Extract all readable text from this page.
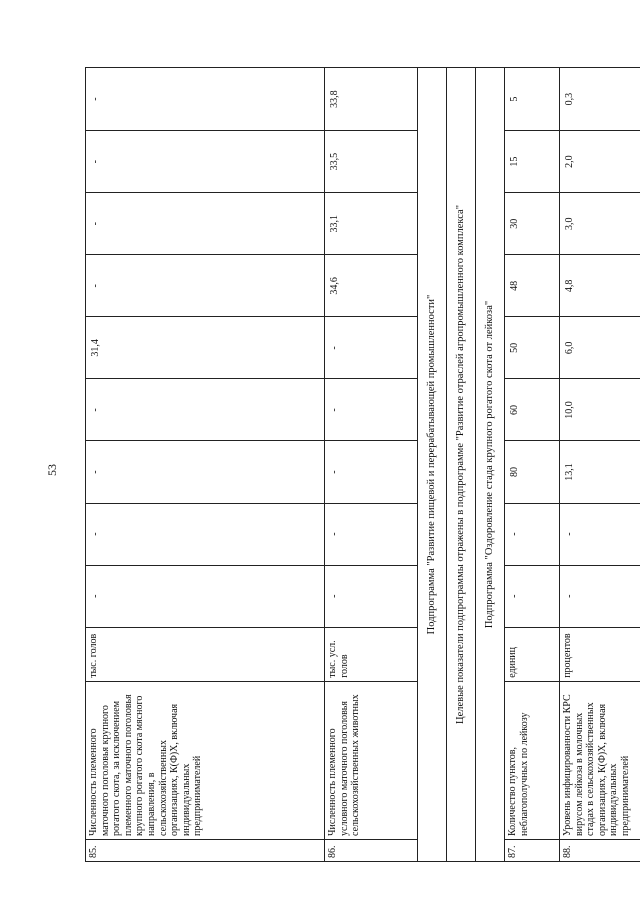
53
85.	Численность племенного маточного поголовья крупного рогатого скота, за исключением племенного маточного поголовья крупного рогатого скота мясного направления, в сельскохозяйственных организациях, К(Ф)Х, включая индивидуальных предпринимателей	тыс. голов	-	-	-	-	31,4	-	-	-	-
86.	Численность племенного условного маточного поголовья сельскохозяйственных животных	тыс. усл. голов	-	-	-	-	-	34,6	33,1	33,5	33,8
Подпрограмма "Развитие пищевой и перерабатывающей промышленности"											
Целевые показатели подпрограммы отражены в подпрограмме "Развитие отраслей агропромышленного комплекса"											
Подпрограмма "Оздоровление стада крупного рогатого скота от лейкоза"											
87.	Количество пунктов, неблагополучных по лейкозу	единиц	-	-	80	60	50	48	30	15	5
88.	Уровень инфицированности КРС вирусом лейкоза в молочных стадах в сельскохозяйственных организациях, К(Ф)Х, включая индивидуальных предпринимателей	процентов	-	-	13,1	10,0	6,0	4,8	3,0	2,0	0,3
